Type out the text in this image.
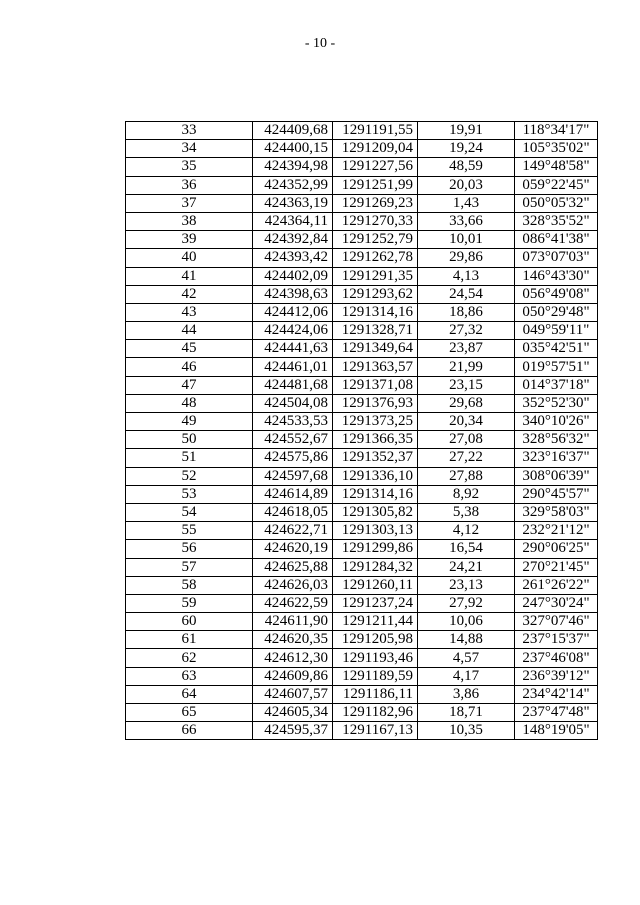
- 10 -
33	424409,68	1291191,55	19,91	118°34'17"
34	424400,15	1291209,04	19,24	105°35'02"
35	424394,98	1291227,56	48,59	149°48'58"
36	424352,99	1291251,99	20,03	059°22'45"
37	424363,19	1291269,23	1,43	050°05'32"
38	424364,11	1291270,33	33,66	328°35'52"
39	424392,84	1291252,79	10,01	086°41'38"
40	424393,42	1291262,78	29,86	073°07'03"
41	424402,09	1291291,35	4,13	146°43'30"
42	424398,63	1291293,62	24,54	056°49'08"
43	424412,06	1291314,16	18,86	050°29'48"
44	424424,06	1291328,71	27,32	049°59'11"
45	424441,63	1291349,64	23,87	035°42'51"
46	424461,01	1291363,57	21,99	019°57'51"
47	424481,68	1291371,08	23,15	014°37'18"
48	424504,08	1291376,93	29,68	352°52'30"
49	424533,53	1291373,25	20,34	340°10'26"
50	424552,67	1291366,35	27,08	328°56'32"
51	424575,86	1291352,37	27,22	323°16'37"
52	424597,68	1291336,10	27,88	308°06'39"
53	424614,89	1291314,16	8,92	290°45'57"
54	424618,05	1291305,82	5,38	329°58'03"
55	424622,71	1291303,13	4,12	232°21'12"
56	424620,19	1291299,86	16,54	290°06'25"
57	424625,88	1291284,32	24,21	270°21'45"
58	424626,03	1291260,11	23,13	261°26'22"
59	424622,59	1291237,24	27,92	247°30'24"
60	424611,90	1291211,44	10,06	327°07'46"
61	424620,35	1291205,98	14,88	237°15'37"
62	424612,30	1291193,46	4,57	237°46'08"
63	424609,86	1291189,59	4,17	236°39'12"
64	424607,57	1291186,11	3,86	234°42'14"
65	424605,34	1291182,96	18,71	237°47'48"
66	424595,37	1291167,13	10,35	148°19'05"
